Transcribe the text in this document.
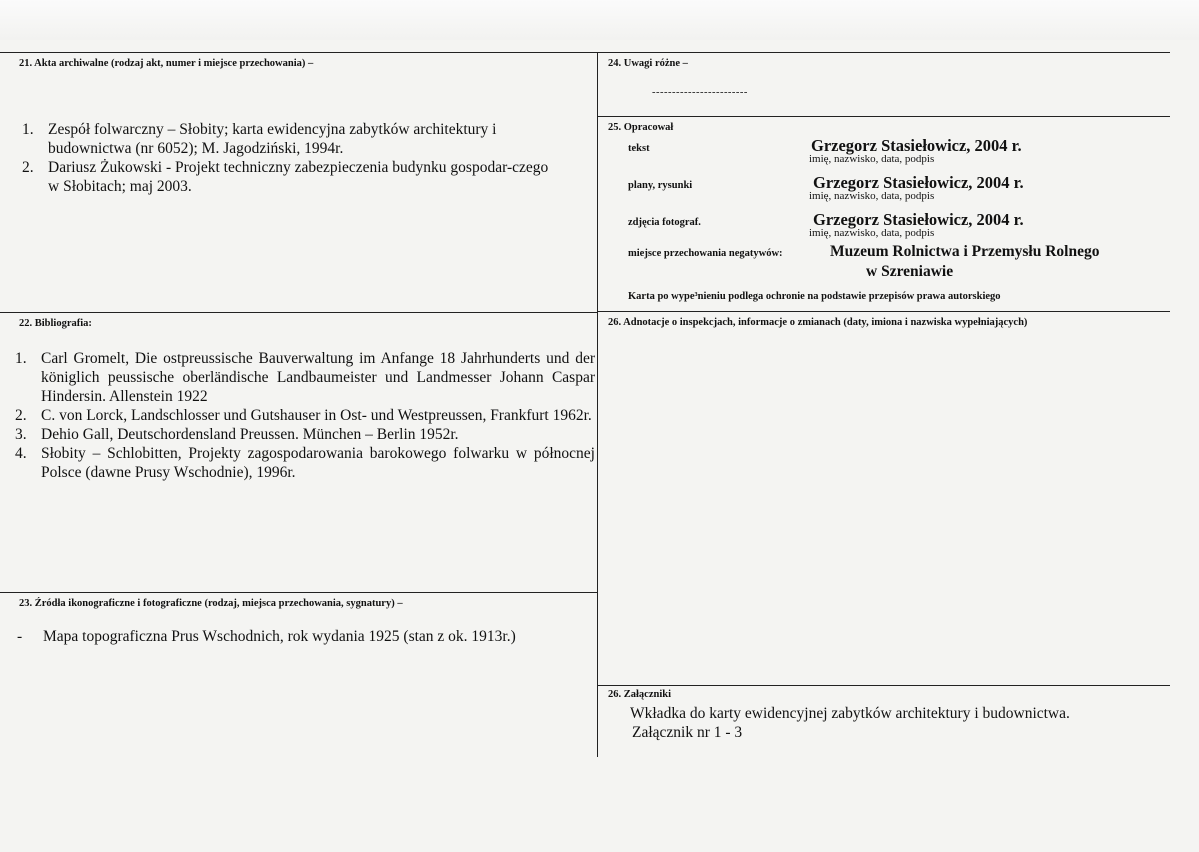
21. Akta archiwalne (rodzaj akt, numer i miejsce przechowania) –
1. Zespół folwarczny – Słobity; karta ewidencyjna zabytków architektury i budownictwa (nr 6052); M. Jagodziński, 1994r.
2. Dariusz Żukowski - Projekt techniczny zabezpieczenia budynku gospodar-czego w Słobitach; maj 2003.
22. Bibliografia:
1. Carl Gromelt, Die ostpreussische Bauverwaltung im Anfange 18 Jahrhunderts und der königlich peussische oberländische Landbaumeister und Landmesser Johann Caspar Hindersin. Allenstein 1922
2. C. von Lorck, Landschlosser und Gutshauser in Ost- und Westpreussen, Frankfurt 1962r.
3. Dehio Gall, Deutschordensland Preussen. München – Berlin 1952r.
4. Słobity – Schlobitten, Projekty zagospodarowania barokowego folwarku w północnej Polsce (dawne Prusy Wschodnie), 1996r.
23. Źródła ikonograficzne i fotograficzne (rodzaj, miejsca przechowania, sygnatury) –
-	Mapa topograficzna Prus Wschodnich, rok wydania 1925 (stan z ok. 1913r.)
24. Uwagi różne –
------------------------
25. Opracował
tekst	Grzegorz Stasiełowicz, 2004 r.
imię, nazwisko, data, podpis
plany, rysunki	Grzegorz Stasiełowicz, 2004 r.
imię, nazwisko, data, podpis
zdjęcia fotograf.	Grzegorz Stasiełowicz, 2004 r.
imię, nazwisko, data, podpis
miejsce przechowania negatywów:	Muzeum Rolnictwa i Przemysłu Rolnego
w Szreniawie
Karta po wype³nieniu podlega ochronie na podstawie przepisów prawa autorskiego
26. Adnotacje o inspekcjach, informacje o zmianach (daty, imiona i nazwiska wypełniających)
26. Załączniki
Wkładka do karty ewidencyjnej zabytków architektury i budownictwa.
Załącznik nr 1 - 3
